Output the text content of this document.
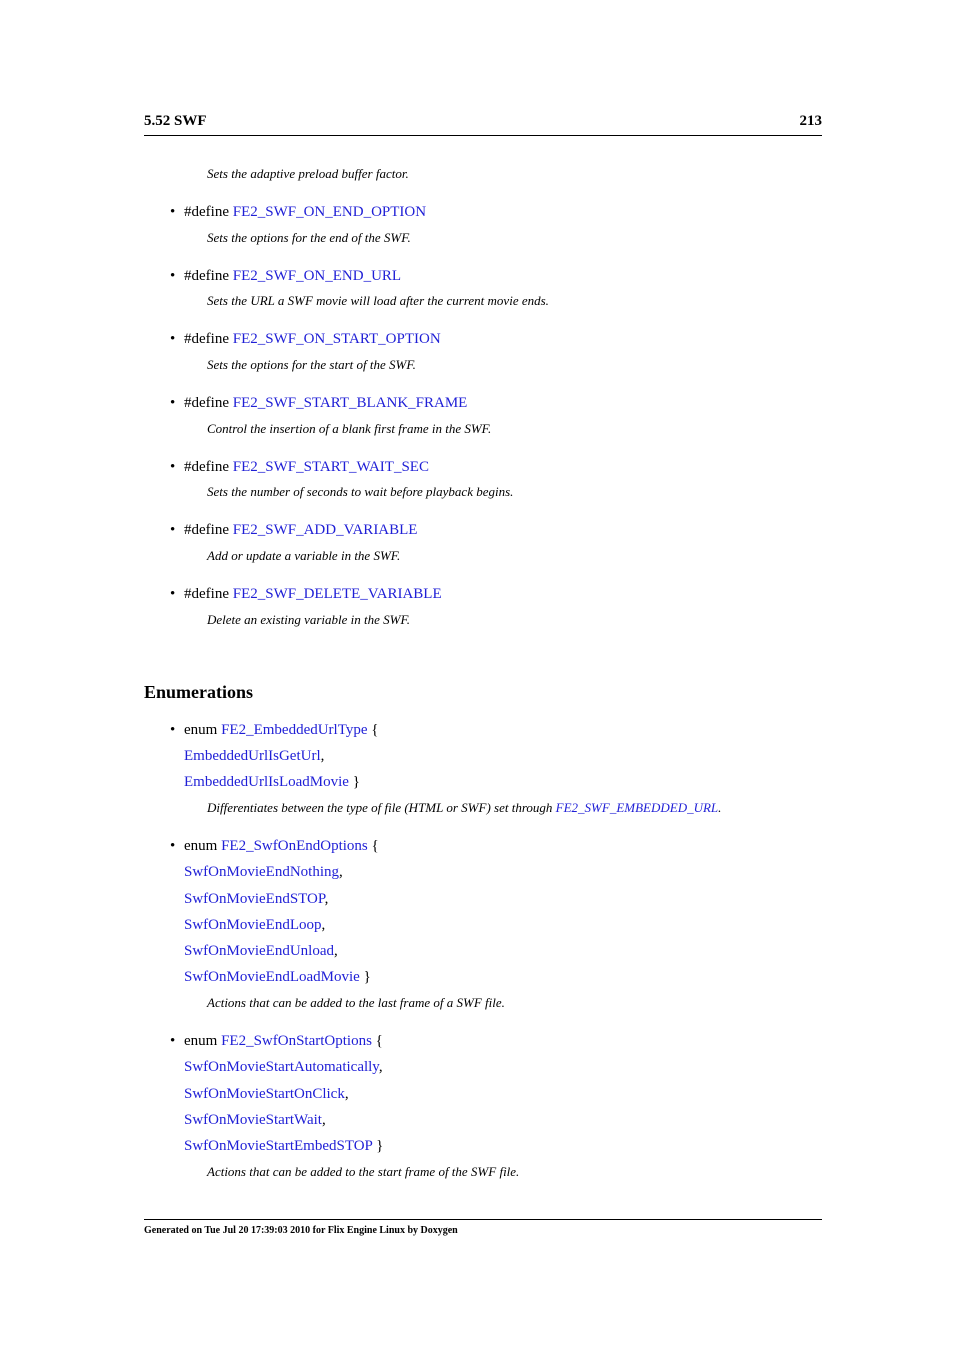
5.52 SWF	213
Sets the adaptive preload buffer factor.
• #define FE2_SWF_ON_END_OPTION
Sets the options for the end of the SWF.
• #define FE2_SWF_ON_END_URL
Sets the URL a SWF movie will load after the current movie ends.
• #define FE2_SWF_ON_START_OPTION
Sets the options for the start of the SWF.
• #define FE2_SWF_START_BLANK_FRAME
Control the insertion of a blank first frame in the SWF.
• #define FE2_SWF_START_WAIT_SEC
Sets the number of seconds to wait before playback begins.
• #define FE2_SWF_ADD_VARIABLE
Add or update a variable in the SWF.
• #define FE2_SWF_DELETE_VARIABLE
Delete an existing variable in the SWF.
Enumerations
• enum FE2_EmbeddedUrlType {
EmbeddedUrlIsGetUrl,
EmbeddedUrlIsLoadMovie }
Differentiates between the type of file (HTML or SWF) set through FE2_SWF_EMBEDDED_URL.
• enum FE2_SwfOnEndOptions {
SwfOnMovieEndNothing,
SwfOnMovieEndSTOP,
SwfOnMovieEndLoop,
SwfOnMovieEndUnload,
SwfOnMovieEndLoadMovie }
Actions that can be added to the last frame of a SWF file.
• enum FE2_SwfOnStartOptions {
SwfOnMovieStartAutomatically,
SwfOnMovieStartOnClick,
SwfOnMovieStartWait,
SwfOnMovieStartEmbedSTOP }
Actions that can be added to the start frame of the SWF file.
Generated on Tue Jul 20 17:39:03 2010 for Flix Engine Linux by Doxygen
